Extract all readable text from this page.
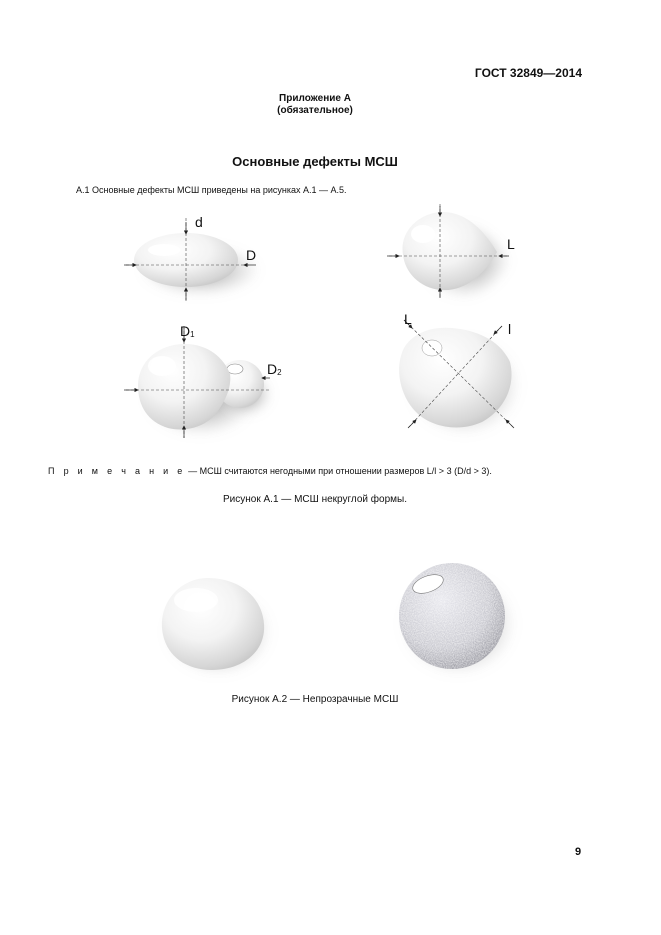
ГОСТ 32849—2014
Приложение А
(обязательное)
Основные дефекты МСШ
А.1 Основные дефекты МСШ приведены на рисунках А.1 — А.5.
d
D
L
D1
D2
L
l
П р и м е ч а н и е — МСШ считаются негодными при отношении размеров L/l > 3 (D/d > 3).
Рисунок А.1 — МСШ некруглой формы.
Рисунок А.2 — Непрозрачные МСШ
9
